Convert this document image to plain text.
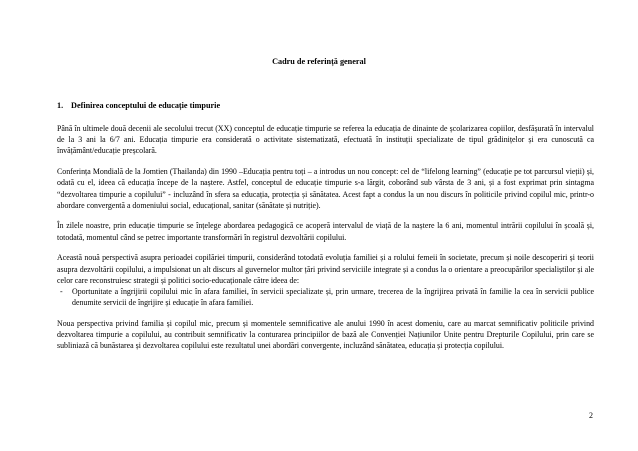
Cadru de referință general
1. Definirea conceptului de educație timpurie

Până în ultimele două decenii ale secolului trecut (XX) conceptul de educație timpurie se referea la educația de dinainte de școlarizarea copiilor, desfășurată în intervalul de la 3 ani la 6/7 ani. Educația timpurie era considerată o activitate sistematizată, efectuată în instituții specializate de tipul grădinițelor și era cunoscută ca învățământ/educație preșcolară.

Conferința Mondială de la Jomtien (Thailanda) din 1990 –Educația pentru toți – a introdus un nou concept: cel de “lifelong learning” (educație pe tot parcursul vieții) și, odată cu el, ideea că educația începe de la naștere. Astfel, conceptul de educație timpurie s-a lărgit, coborând sub vârsta de 3 ani, și a fost exprimat prin sintagma “dezvoltarea timpurie a copilului” - incluzând în sfera sa educația, protecția și sănătatea. Acest fapt a condus la un nou discurs în politicile privind copilul mic, printr-o abordare convergentă a domeniului social, educațional, sanitar (sănătate și nutriție).

În zilele noastre, prin educație timpurie se înțelege abordarea pedagogică ce acoperă intervalul de viață de la naștere la 6 ani, momentul intrării copilului în școală și, totodată, momentul când se petrec importante transformări în registrul dezvoltării copilului.

Această nouă perspectivă asupra perioadei copilăriei timpurii, considerând totodată evoluția familiei și a rolului femeii în societate, precum și noile descoperiri și teorii asupra dezvoltării copilului, a impulsionat un alt discurs al guvernelor multor țări privind serviciile integrate și a condus la o orientare a preocupărilor specialiștilor și ale celor care reconstruiesc strategii și politici socio-educaționale către ideea de:

- Oportunitate a îngrijirii copilului mic în afara familiei, în servicii specializate și, prin urmare, trecerea de la îngrijirea privată în familie la cea în servicii publice denumite servicii de îngrijire și educație în afara familiei.

Noua perspectiva privind familia și copilul mic, precum și momentele semnificative ale anului 1990 în acest domeniu, care au marcat semnificativ politicile privind dezvoltarea timpurie a copilului, au contribuit semnificativ la conturarea principiilor de bază ale Convenției Națiunilor Unite pentru Drepturile Copilului, prin care se subliniază că bunăstarea și dezvoltarea copilului este rezultatul unei abordări convergente, incluzând sănătatea, educația și protecția copilului.

2
